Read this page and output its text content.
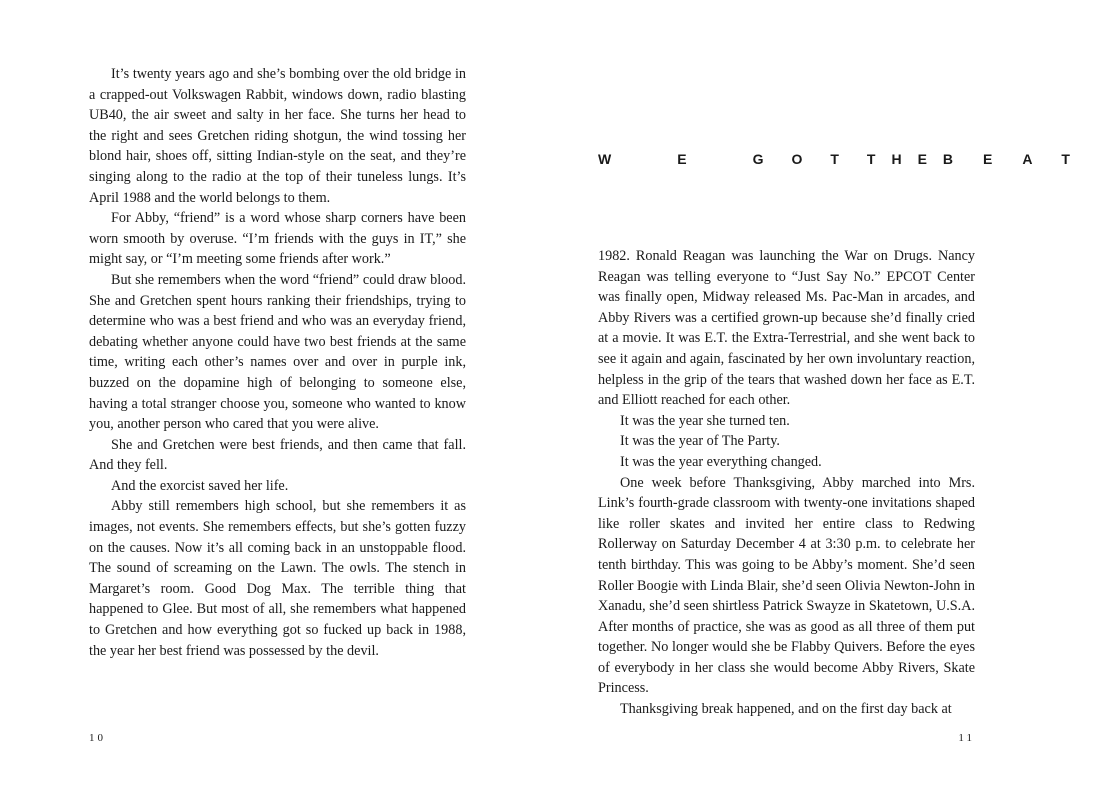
It’s twenty years ago and she’s bombing over the old bridge in a crapped-out Volkswagen Rabbit, windows down, radio blasting UB40, the air sweet and salty in her face. She turns her head to the right and sees Gretchen riding shotgun, the wind tossing her blond hair, shoes off, sitting Indian-style on the seat, and they’re singing along to the radio at the top of their tuneless lungs. It’s April 1988 and the world belongs to them.

For Abby, “friend” is a word whose sharp corners have been worn smooth by overuse. “I’m friends with the guys in IT,” she might say, or “I’m meeting some friends after work.”

But she remembers when the word “friend” could draw blood. She and Gretchen spent hours ranking their friendships, trying to determine who was a best friend and who was an everyday friend, debating whether anyone could have two best friends at the same time, writing each other’s names over and over in purple ink, buzzed on the dopamine high of belonging to someone else, having a total stranger choose you, someone who wanted to know you, another person who cared that you were alive.

She and Gretchen were best friends, and then came that fall. And they fell.

And the exorcist saved her life.

Abby still remembers high school, but she remembers it as images, not events. She remembers effects, but she’s gotten fuzzy on the causes. Now it’s all coming back in an unstoppable flood. The sound of screaming on the Lawn. The owls. The stench in Margaret’s room. Good Dog Max. The terrible thing that happened to Glee. But most of all, she remembers what happened to Gretchen and how everything got so fucked up back in 1988, the year her best friend was possessed by the devil.

10
WE GOT THE BEAT

1982. Ronald Reagan was launching the War on Drugs. Nancy Reagan was telling everyone to “Just Say No.” EPCOT Center was finally open, Midway released Ms. Pac-Man in arcades, and Abby Rivers was a certified grown-up because she’d finally cried at a movie. It was E.T. the Extra-Terrestrial, and she went back to see it again and again, fascinated by her own involuntary reaction, helpless in the grip of the tears that washed down her face as E.T. and Elliott reached for each other.

It was the year she turned ten.

It was the year of The Party.

It was the year everything changed.

One week before Thanksgiving, Abby marched into Mrs. Link’s fourth-grade classroom with twenty-one invitations shaped like roller skates and invited her entire class to Redwing Rollerway on Saturday December 4 at 3:30 p.m. to celebrate her tenth birthday. This was going to be Abby’s moment. She’d seen Roller Boogie with Linda Blair, she’d seen Olivia Newton-John in Xanadu, she’d seen shirtless Patrick Swayze in Skatetown, U.S.A. After months of practice, she was as good as all three of them put together. No longer would she be Flabby Quivers. Before the eyes of everybody in her class she would become Abby Rivers, Skate Princess.

Thanksgiving break happened, and on the first day back at

11
